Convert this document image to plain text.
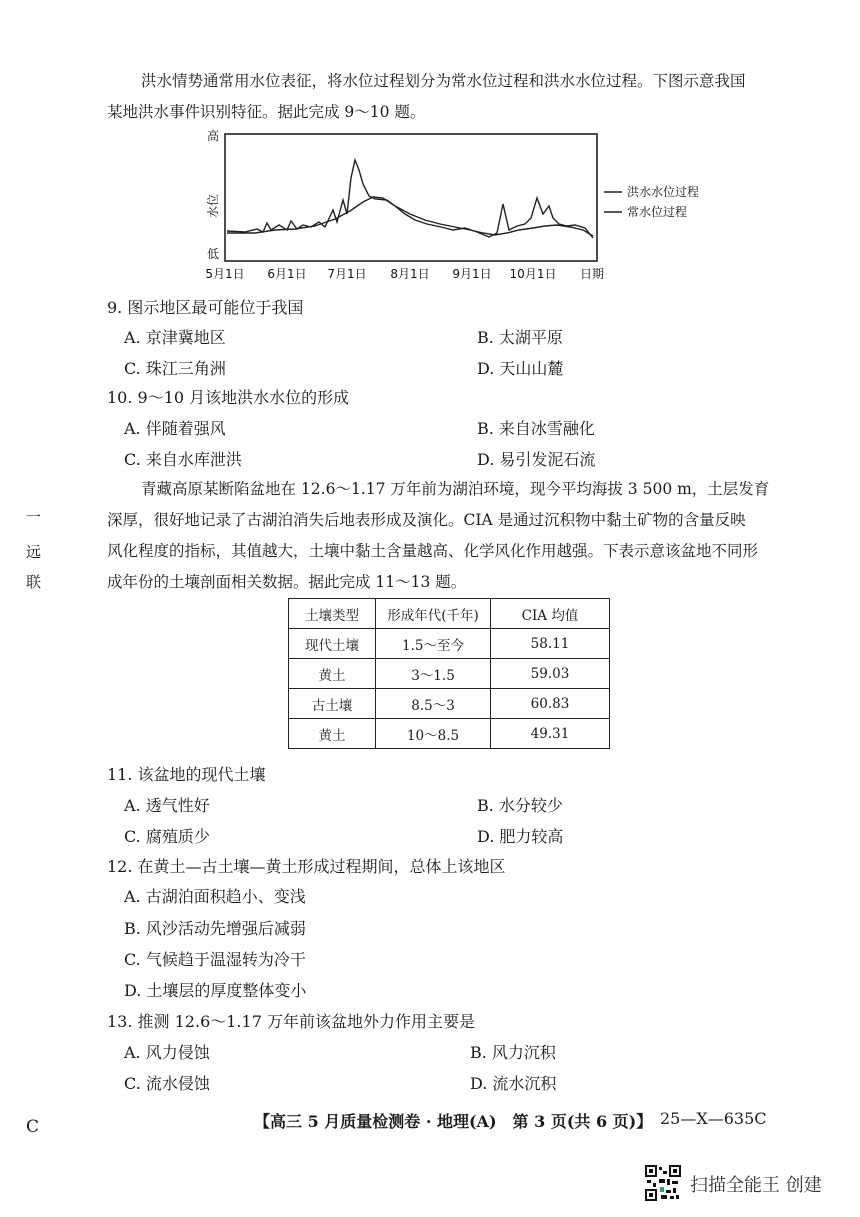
洪水情势通常用水位表征，将水位过程划分为常水位过程和洪水水位过程。下图示意我国
某地洪水事件识别特征。据此完成 9～10 题。
高
低
水位
5月1日 6月1日 7月1日 8月1日 9月1日 10月1日 日期
洪水水位过程
常水位过程
9. 图示地区最可能位于我国
A. 京津冀地区	B. 太湖平原
C. 珠江三角洲	D. 天山山麓
10. 9～10 月该地洪水水位的形成
A. 伴随着强风	B. 来自冰雪融化
C. 来自水库泄洪	D. 易引发泥石流
青藏高原某断陷盆地在 12.6～1.17 万年前为湖泊环境，现今平均海拔 3 500 m，土层发育
深厚，很好地记录了古湖泊消失后地表形成及演化。CIA 是通过沉积物中黏土矿物的含量反映
风化程度的指标，其值越大，土壤中黏土含量越高、化学风化作用越强。下表示意该盆地不同形
成年份的土壤剖面相关数据。据此完成 11～13 题。
一
远
联
土壤类型	形成年代(千年)	CIA 均值
现代土壤	1.5～至今	58.11
黄土	3～1.5	59.03
古土壤	8.5～3	60.83
黄土	10～8.5	49.31
11. 该盆地的现代土壤
A. 透气性好	B. 水分较少
C. 腐殖质少	D. 肥力较高
12. 在黄土—古土壤—黄土形成过程期间，总体上该地区
A. 古湖泊面积趋小、变浅
B. 风沙活动先增强后减弱
C. 气候趋于温湿转为冷干
D. 土壤层的厚度整体变小
13. 推测 12.6～1.17 万年前该盆地外力作用主要是
A. 风力侵蚀	B. 风力沉积
C. 流水侵蚀	D. 流水沉积
C	【高三 5 月质量检测卷 · 地理(A)　第 3 页(共 6 页)】 25—X—635C
扫描全能王 创建
